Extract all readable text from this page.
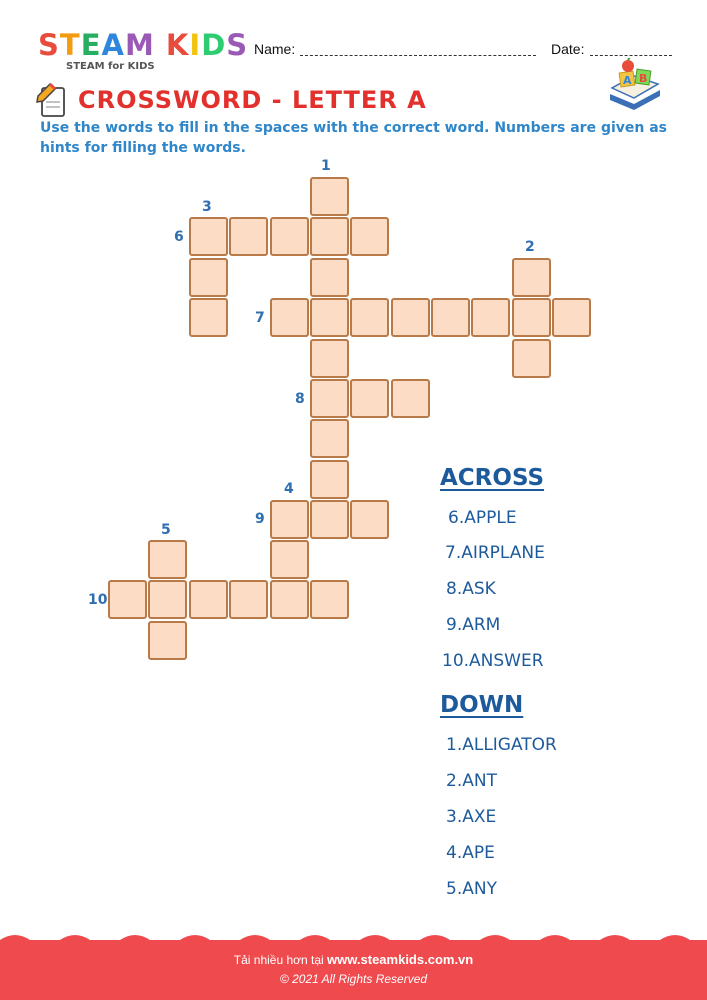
STEAM KIDS
STEAM for KIDS
Name:	Date:
A B
CROSSWORD - LETTER A
Use the words to fill in the spaces with the correct word. Numbers are given as hints for filling the words.
1
2
3
4
5
6
7
8
9
10
ACROSS
6.APPLE
7.AIRPLANE
8.ASK
9.ARM
10.ANSWER
DOWN
1.ALLIGATOR
2.ANT
3.AXE
4.APE
5.ANY
Tải nhiều hơn tại www.steamkids.com.vn
© 2021 All Rights Reserved
